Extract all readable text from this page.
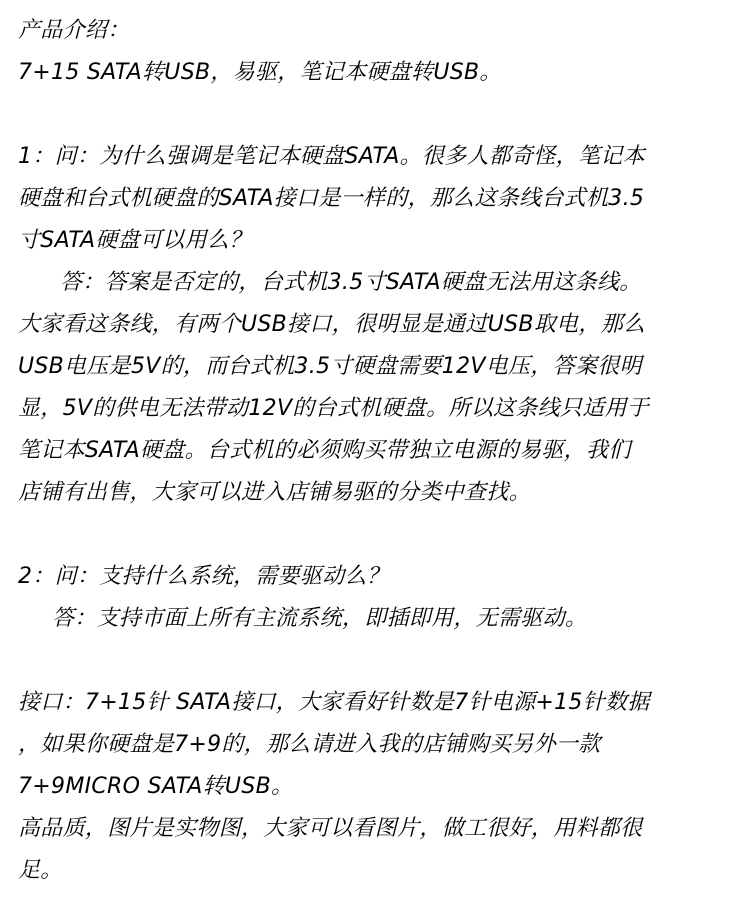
产品介绍：
7+15 SATA转USB，易驱，笔记本硬盘转USB。
1：问：为什么强调是笔记本硬盘SATA。很多人都奇怪，笔记本
硬盘和台式机硬盘的SATA接口是一样的，那么这条线台式机3.5
寸SATA硬盘可以用么？
答：答案是否定的，台式机3.5寸SATA硬盘无法用这条线。
大家看这条线，有两个USB接口，很明显是通过USB取电，那么
USB电压是5V的，而台式机3.5寸硬盘需要12V电压，答案很明
显，5V的供电无法带动12V的台式机硬盘。所以这条线只适用于
笔记本SATA硬盘。台式机的必须购买带独立电源的易驱，我们
店铺有出售，大家可以进入店铺易驱的分类中查找。
2：问：支持什么系统，需要驱动么？
答：支持市面上所有主流系统，即插即用，无需驱动。
接口：7+15针 SATA接口，大家看好针数是7针电源+15针数据
，如果你硬盘是7+9的，那么请进入我的店铺购买另外一款
7+9MICRO SATA转USB。
高品质，图片是实物图，大家可以看图片，做工很好，用料都很
足。
